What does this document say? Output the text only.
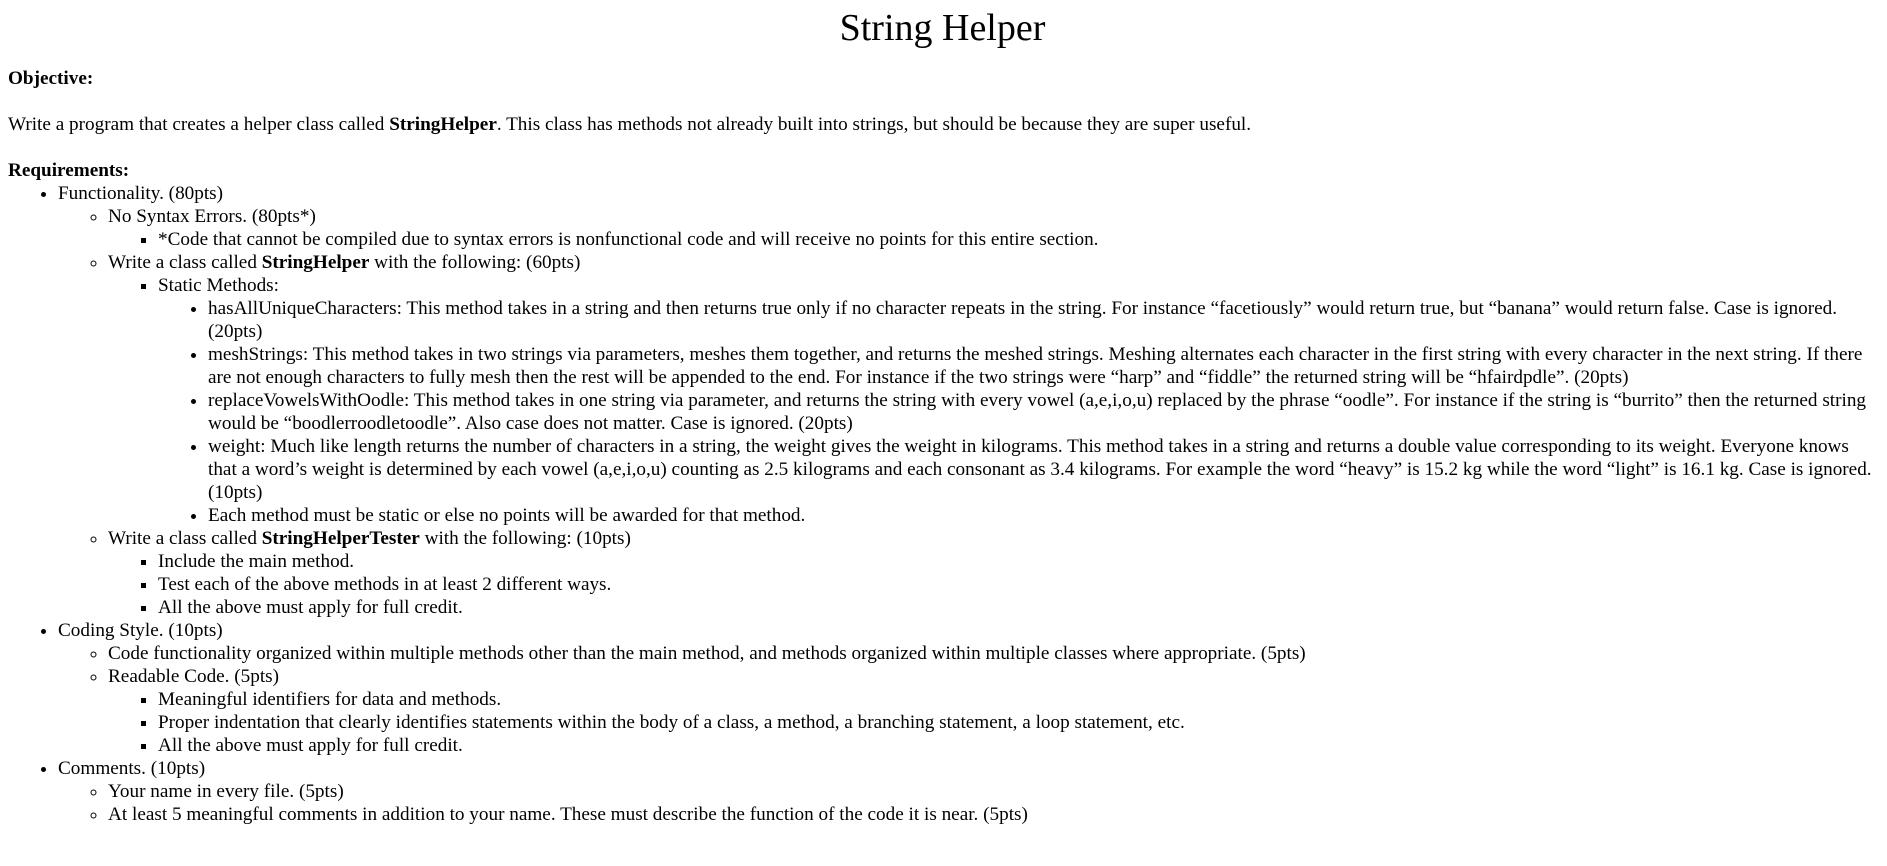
String Helper

Objective:

Write a program that creates a helper class called StringHelper. This class has methods not already built into strings, but should be because they are super useful.

Requirements:

• Functionality. (80pts)
◦ No Syntax Errors. (80pts*)
▪ *Code that cannot be compiled due to syntax errors is nonfunctional code and will receive no points for this entire section.
◦ Write a class called StringHelper with the following: (60pts)
▪ Static Methods:
• hasAllUniqueCharacters: This method takes in a string and then returns true only if no character repeats in the string. For instance “facetiously” would return true, but “banana” would return false. Case is ignored. (20pts)
• meshStrings: This method takes in two strings via parameters, meshes them together, and returns the meshed strings. Meshing alternates each character in the first string with every character in the next string. If there are not enough characters to fully mesh then the rest will be appended to the end. For instance if the two strings were “harp” and “fiddle” the returned string will be “hfairdpdle”. (20pts)
• replaceVowelsWithOodle: This method takes in one string via parameter, and returns the string with every vowel (a,e,i,o,u) replaced by the phrase “oodle”. For instance if the string is “burrito” then the returned string would be “boodlerroodletoodle”. Also case does not matter. Case is ignored. (20pts)
• weight: Much like length returns the number of characters in a string, the weight gives the weight in kilograms. This method takes in a string and returns a double value corresponding to its weight. Everyone knows that a word’s weight is determined by each vowel (a,e,i,o,u) counting as 2.5 kilograms and each consonant as 3.4 kilograms. For example the word “heavy” is 15.2 kg while the word “light” is 16.1 kg. Case is ignored. (10pts)
• Each method must be static or else no points will be awarded for that method.
◦ Write a class called StringHelperTester with the following: (10pts)
▪ Include the main method.
▪ Test each of the above methods in at least 2 different ways.
▪ All the above must apply for full credit.
• Coding Style. (10pts)
◦ Code functionality organized within multiple methods other than the main method, and methods organized within multiple classes where appropriate. (5pts)
◦ Readable Code. (5pts)
▪ Meaningful identifiers for data and methods.
▪ Proper indentation that clearly identifies statements within the body of a class, a method, a branching statement, a loop statement, etc.
▪ All the above must apply for full credit.
• Comments. (10pts)
◦ Your name in every file. (5pts)
◦ At least 5 meaningful comments in addition to your name. These must describe the function of the code it is near. (5pts)
